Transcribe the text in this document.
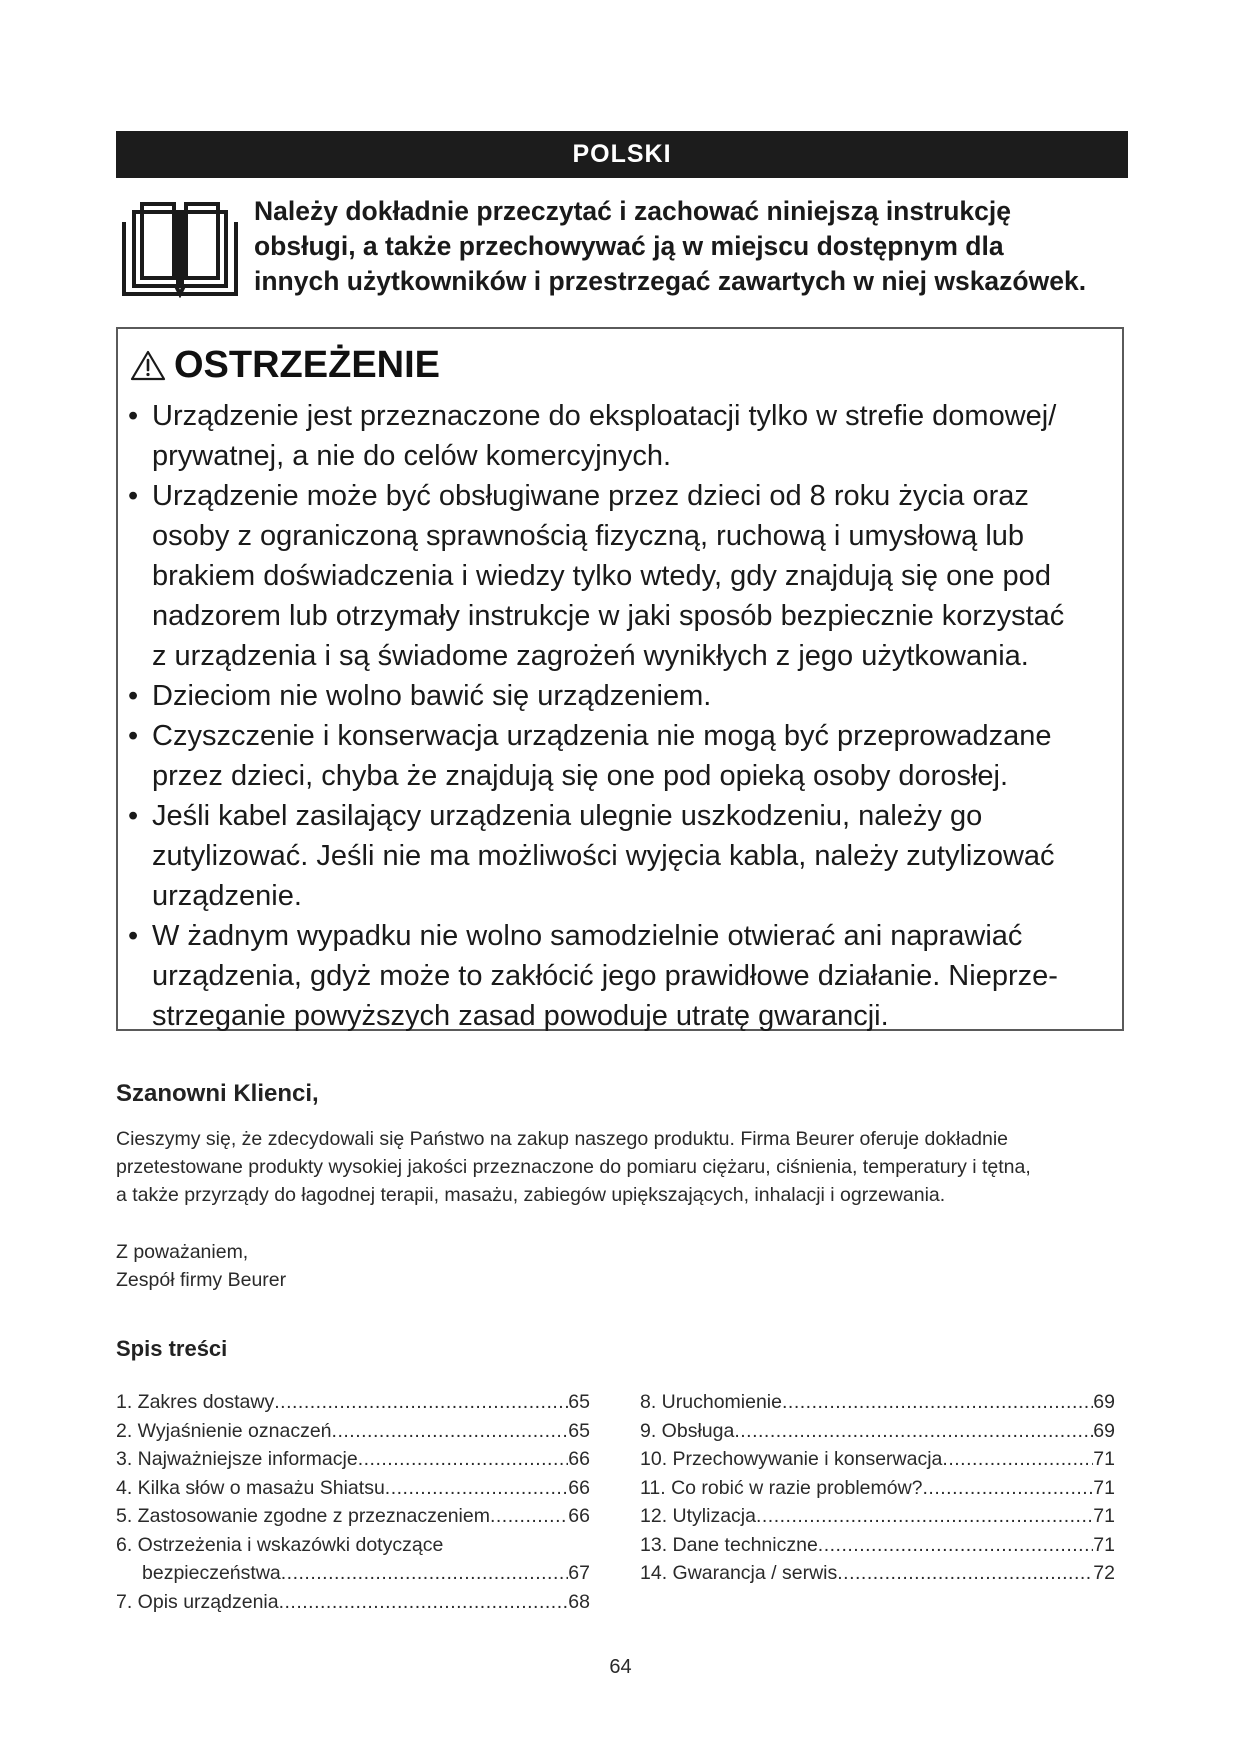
POLSKI
Należy dokładnie przeczytać i zachować niniejszą instrukcję
obsługi, a także przechowywać ją w miejscu dostępnym dla
innych użytkowników i przestrzegać zawartych w niej wskazówek.
OSTRZEŻENIE
• Urządzenie jest przeznaczone do eksploatacji tylko w strefie domowej/
prywatnej, a nie do celów komercyjnych.
• Urządzenie może być obsługiwane przez dzieci od 8 roku życia oraz
osoby z ograniczoną sprawnością fizyczną, ruchową i umysłową lub
brakiem doświadczenia i wiedzy tylko wtedy, gdy znajdują się one pod
nadzorem lub otrzymały instrukcje w jaki sposób bezpiecznie korzystać
z urządzenia i są świadome zagrożeń wynikłych z jego użytkowania.
• Dzieciom nie wolno bawić się urządzeniem.
• Czyszczenie i konserwacja urządzenia nie mogą być przeprowadzane
przez dzieci, chyba że znajdują się one pod opieką osoby dorosłej.
• Jeśli kabel zasilający urządzenia ulegnie uszkodzeniu, należy go
zutylizować. Jeśli nie ma możliwości wyjęcia kabla, należy zutylizować
urządzenie.
• W żadnym wypadku nie wolno samodzielnie otwierać ani naprawiać
urządzenia, gdyż może to zakłócić jego prawidłowe działanie. Nieprze-
strzeganie powyższych zasad powoduje utratę gwarancji.
Szanowni Klienci,
Cieszymy się, że zdecydowali się Państwo na zakup naszego produktu. Firma Beurer oferuje dokładnie
przetestowane produkty wysokiej jakości przeznaczone do pomiaru ciężaru, ciśnienia, temperatury i tętna,
a także przyrządy do łagodnej terapii, masażu, zabiegów upiększających, inhalacji i ogrzewania.
Z poważaniem,
Zespół firmy Beurer
Spis treści
1. Zakres dostawy .....	65
2. Wyjaśnienie oznaczeń .....	65
3. Najważniejsze informacje .....	66
4. Kilka słów o masażu Shiatsu .....	66
5. Zastosowanie zgodne z przeznaczeniem .....	66
6. Ostrzeżenia i wskazówki dotyczące
bezpieczeństwa .....	67
7. Opis urządzenia .....	68
8. Uruchomienie .....	69
9. Obsługa .....	69
10. Przechowywanie i konserwacja .....	71
11. Co robić w razie problemów? .....	71
12. Utylizacja .....	71
13. Dane techniczne .....	71
14. Gwarancja / serwis .....	72
64
